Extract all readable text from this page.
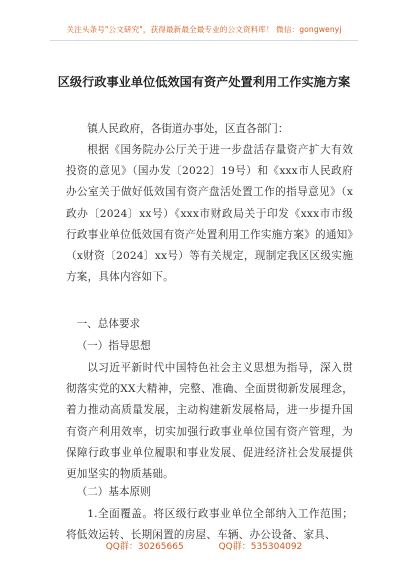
关注头条号"公文研究"，获得最新最全最专业的公文资料库！ 微信：gongwenyj
区级行政事业单位低效国有资产处置利用工作实施方案
镇人民政府，各街道办事处，区直各部门：
根据《国务院办公厅关于进一步盘活存量资产扩大有效投资的意见》（国办发〔2022〕19号）和《xxx市人民政府办公室关于做好低效国有资产盘活处置工作的指导意见》（x政办〔2024〕xx号）《xxx市财政局关于印发《xxx市市级行政事业单位低效国有资产处置利用工作实施方案》的通知》（x财资〔2024〕xx号）等有关规定，现制定我区区级实施方案，具体内容如下。
一、总体要求
（一）指导思想
以习近平新时代中国特色社会主义思想为指导，深入贯彻落实党的XX大精神，完整、准确、全面贯彻新发展理念，着力推动高质量发展，主动构建新发展格局，进一步提升国有资产利用效率，切实加强行政事业单位国有资产管理，为保障行政事业单位履职和事业发展、促进经济社会发展提供更加坚实的物质基础。
（二）基本原则
1.全面覆盖。将区级行政事业单位全部纳入工作范围；将低效运转、长期闲置的房屋、车辆、办公设备、家具、
QQ群：30265665	QQ群：535304092
